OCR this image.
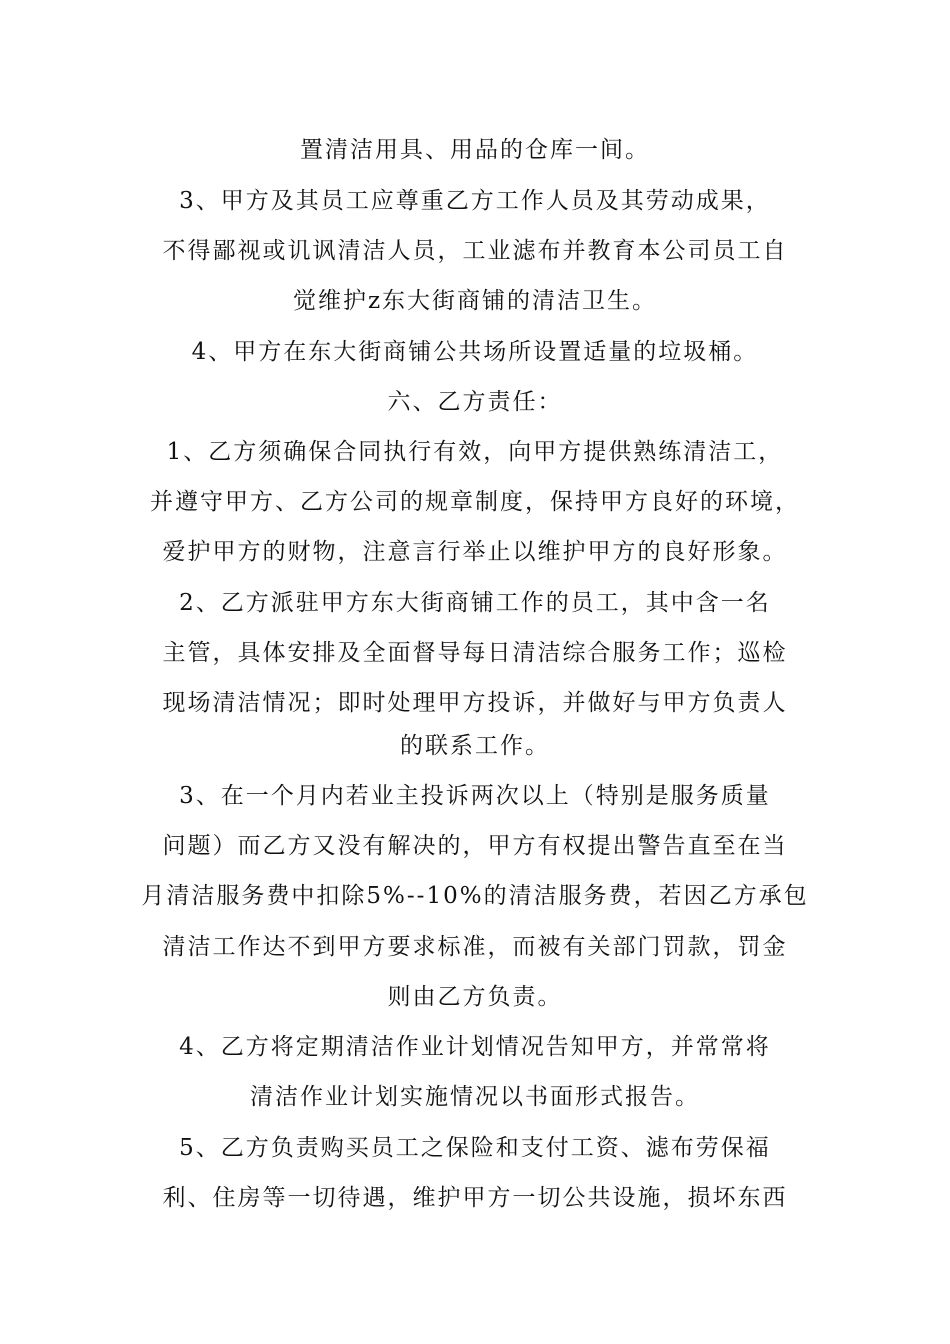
置清洁用具、用品的仓库一间。
3、甲方及其员工应尊重乙方工作人员及其劳动成果，
不得鄙视或讥讽清洁人员，工业滤布并教育本公司员工自
觉维护z东大街商铺的清洁卫生。
4、甲方在东大街商铺公共场所设置适量的垃圾桶。
六、乙方责任：
1、乙方须确保合同执行有效，向甲方提供熟练清洁工，
并遵守甲方、乙方公司的规章制度，保持甲方良好的环境，
爱护甲方的财物，注意言行举止以维护甲方的良好形象。
2、乙方派驻甲方东大街商铺工作的员工，其中含一名
主管，具体安排及全面督导每日清洁综合服务工作；巡检
现场清洁情况；即时处理甲方投诉，并做好与甲方负责人
的联系工作。
3、在一个月内若业主投诉两次以上（特别是服务质量
问题）而乙方又没有解决的，甲方有权提出警告直至在当
月清洁服务费中扣除5%--10%的清洁服务费，若因乙方承包
清洁工作达不到甲方要求标准，而被有关部门罚款，罚金
则由乙方负责。
4、乙方将定期清洁作业计划情况告知甲方，并常常将
清洁作业计划实施情况以书面形式报告。
5、乙方负责购买员工之保险和支付工资、滤布劳保福
利、住房等一切待遇，维护甲方一切公共设施，损坏东西
